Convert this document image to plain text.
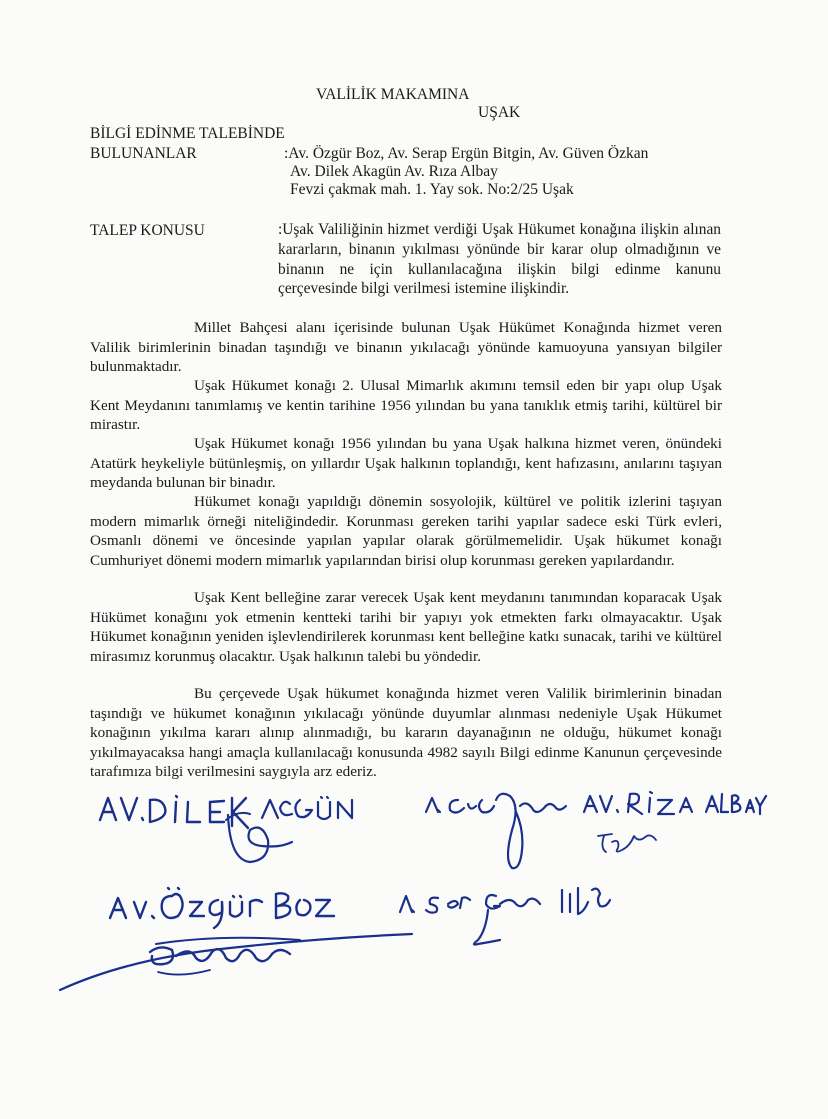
VALİLİK MAKAMINA
UŞAK
BİLGİ EDİNME TALEBİNDE
BULUNANLAR	:Av. Özgür Boz, Av. Serap Ergün Bitgin, Av. Güven Özkan
Av. Dilek Akagün Av. Rıza Albay
Fevzi çakmak mah. 1. Yay sok. No:2/25 Uşak
TALEP KONUSU	:Uşak Valiliğinin hizmet verdiği Uşak Hükumet konağına ilişkin alınan kararların, binanın yıkılması yönünde bir karar olup olmadığının ve binanın ne için kullanılacağına ilişkin bilgi edinme kanunu çerçevesinde bilgi verilmesi istemine ilişkindir.
Millet Bahçesi alanı içerisinde bulunan Uşak Hükümet Konağında hizmet veren Valilik birimlerinin binadan taşındığı ve binanın yıkılacağı yönünde kamuoyuna yansıyan bilgiler bulunmaktadır.
Uşak Hükumet konağı 2. Ulusal Mimarlık akımını temsil eden bir yapı olup Uşak Kent Meydanını tanımlamış ve kentin tarihine 1956 yılından bu yana tanıklık etmiş tarihi, kültürel bir mirastır.
Uşak Hükumet konağı 1956 yılından bu yana Uşak halkına hizmet veren, önündeki Atatürk heykeliyle bütünleşmiş, on yıllardır Uşak halkının toplandığı, kent hafızasını, anılarını taşıyan meydanda bulunan bir binadır.
Hükumet konağı yapıldığı dönemin sosyolojik, kültürel ve politik izlerini taşıyan modern mimarlık örneği niteliğindedir. Korunması gereken tarihi yapılar sadece eski Türk evleri, Osmanlı dönemi ve öncesinde yapılan yapılar olarak görülmemelidir. Uşak hükumet konağı Cumhuriyet dönemi modern mimarlık yapılarından birisi olup korunması gereken yapılardandır.
Uşak Kent belleğine zarar verecek Uşak kent meydanını tanımından koparacak Uşak Hükümet konağını yok etmenin kentteki tarihi bir yapıyı yok etmekten farkı olmayacaktır. Uşak Hükumet konağının yeniden işlevlendirilerek korunması kent belleğine katkı sunacak, tarihi ve kültürel mirasımız korunmuş olacaktır. Uşak halkının talebi bu yöndedir.
Bu çerçevede Uşak hükumet konağında hizmet veren Valilik birimlerinin binadan taşındığı ve hükumet konağının yıkılacağı yönünde duyumlar alınması nedeniyle Uşak Hükumet konağının yıkılma kararı alınıp alınmadığı, bu kararın dayanağının ne olduğu, hükumet konağı yıkılmayacaksa hangi amaçla kullanılacağı konusunda 4982 sayılı Bilgi edinme Kanunun çerçevesinde tarafımıza bilgi verilmesini saygıyla arz ederiz.
